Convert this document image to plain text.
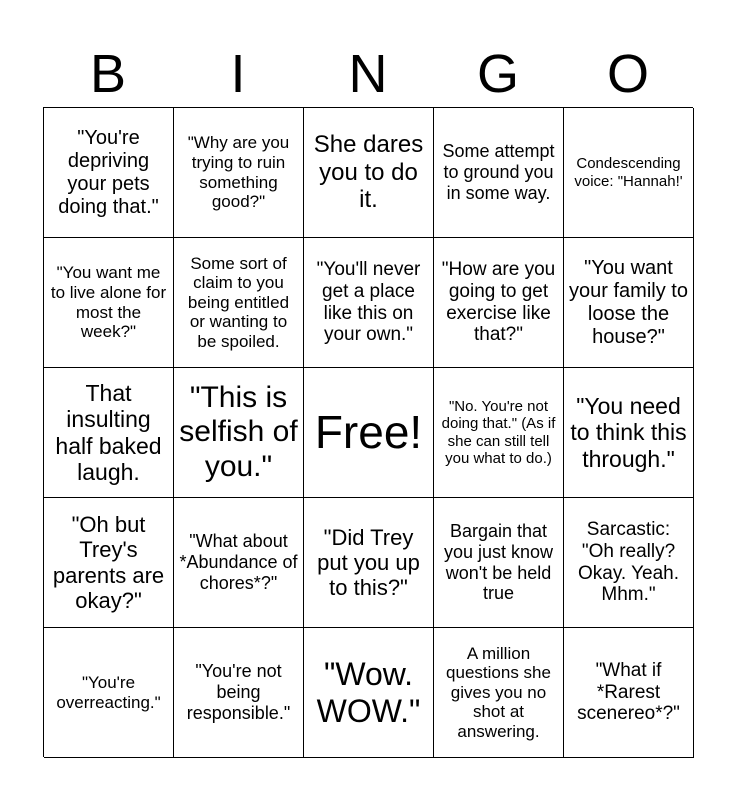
B	I	N	G	O
"You're depriving your pets doing that."
"Why are you trying to ruin something good?"
She dares you to do it.
Some attempt to ground you in some way.
Condescending voice: "Hannah!'
"You want me to live alone for most the week?"
Some sort of claim to you being entitled or wanting to be spoiled.
"You'll never get a place like this on your own."
"How are you going to get exercise like that?"
"You want your family to loose the house?"
That insulting half baked laugh.
"This is selfish of you."
Free!	"No. You're not doing that." (As if she can still tell you what to do.)
"You need to think this through."
"Oh but Trey's parents are okay?"
"What about *Abundance of chores*?"
"Did Trey put you up to this?"
Bargain that you just know won't be held true
Sarcastic: "Oh really? Okay. Yeah. Mhm."
"You're overreacting."
"You're not being responsible."
"Wow. WOW."
A million questions she gives you no shot at answering.
"What if *Rarest scenereo*?"
